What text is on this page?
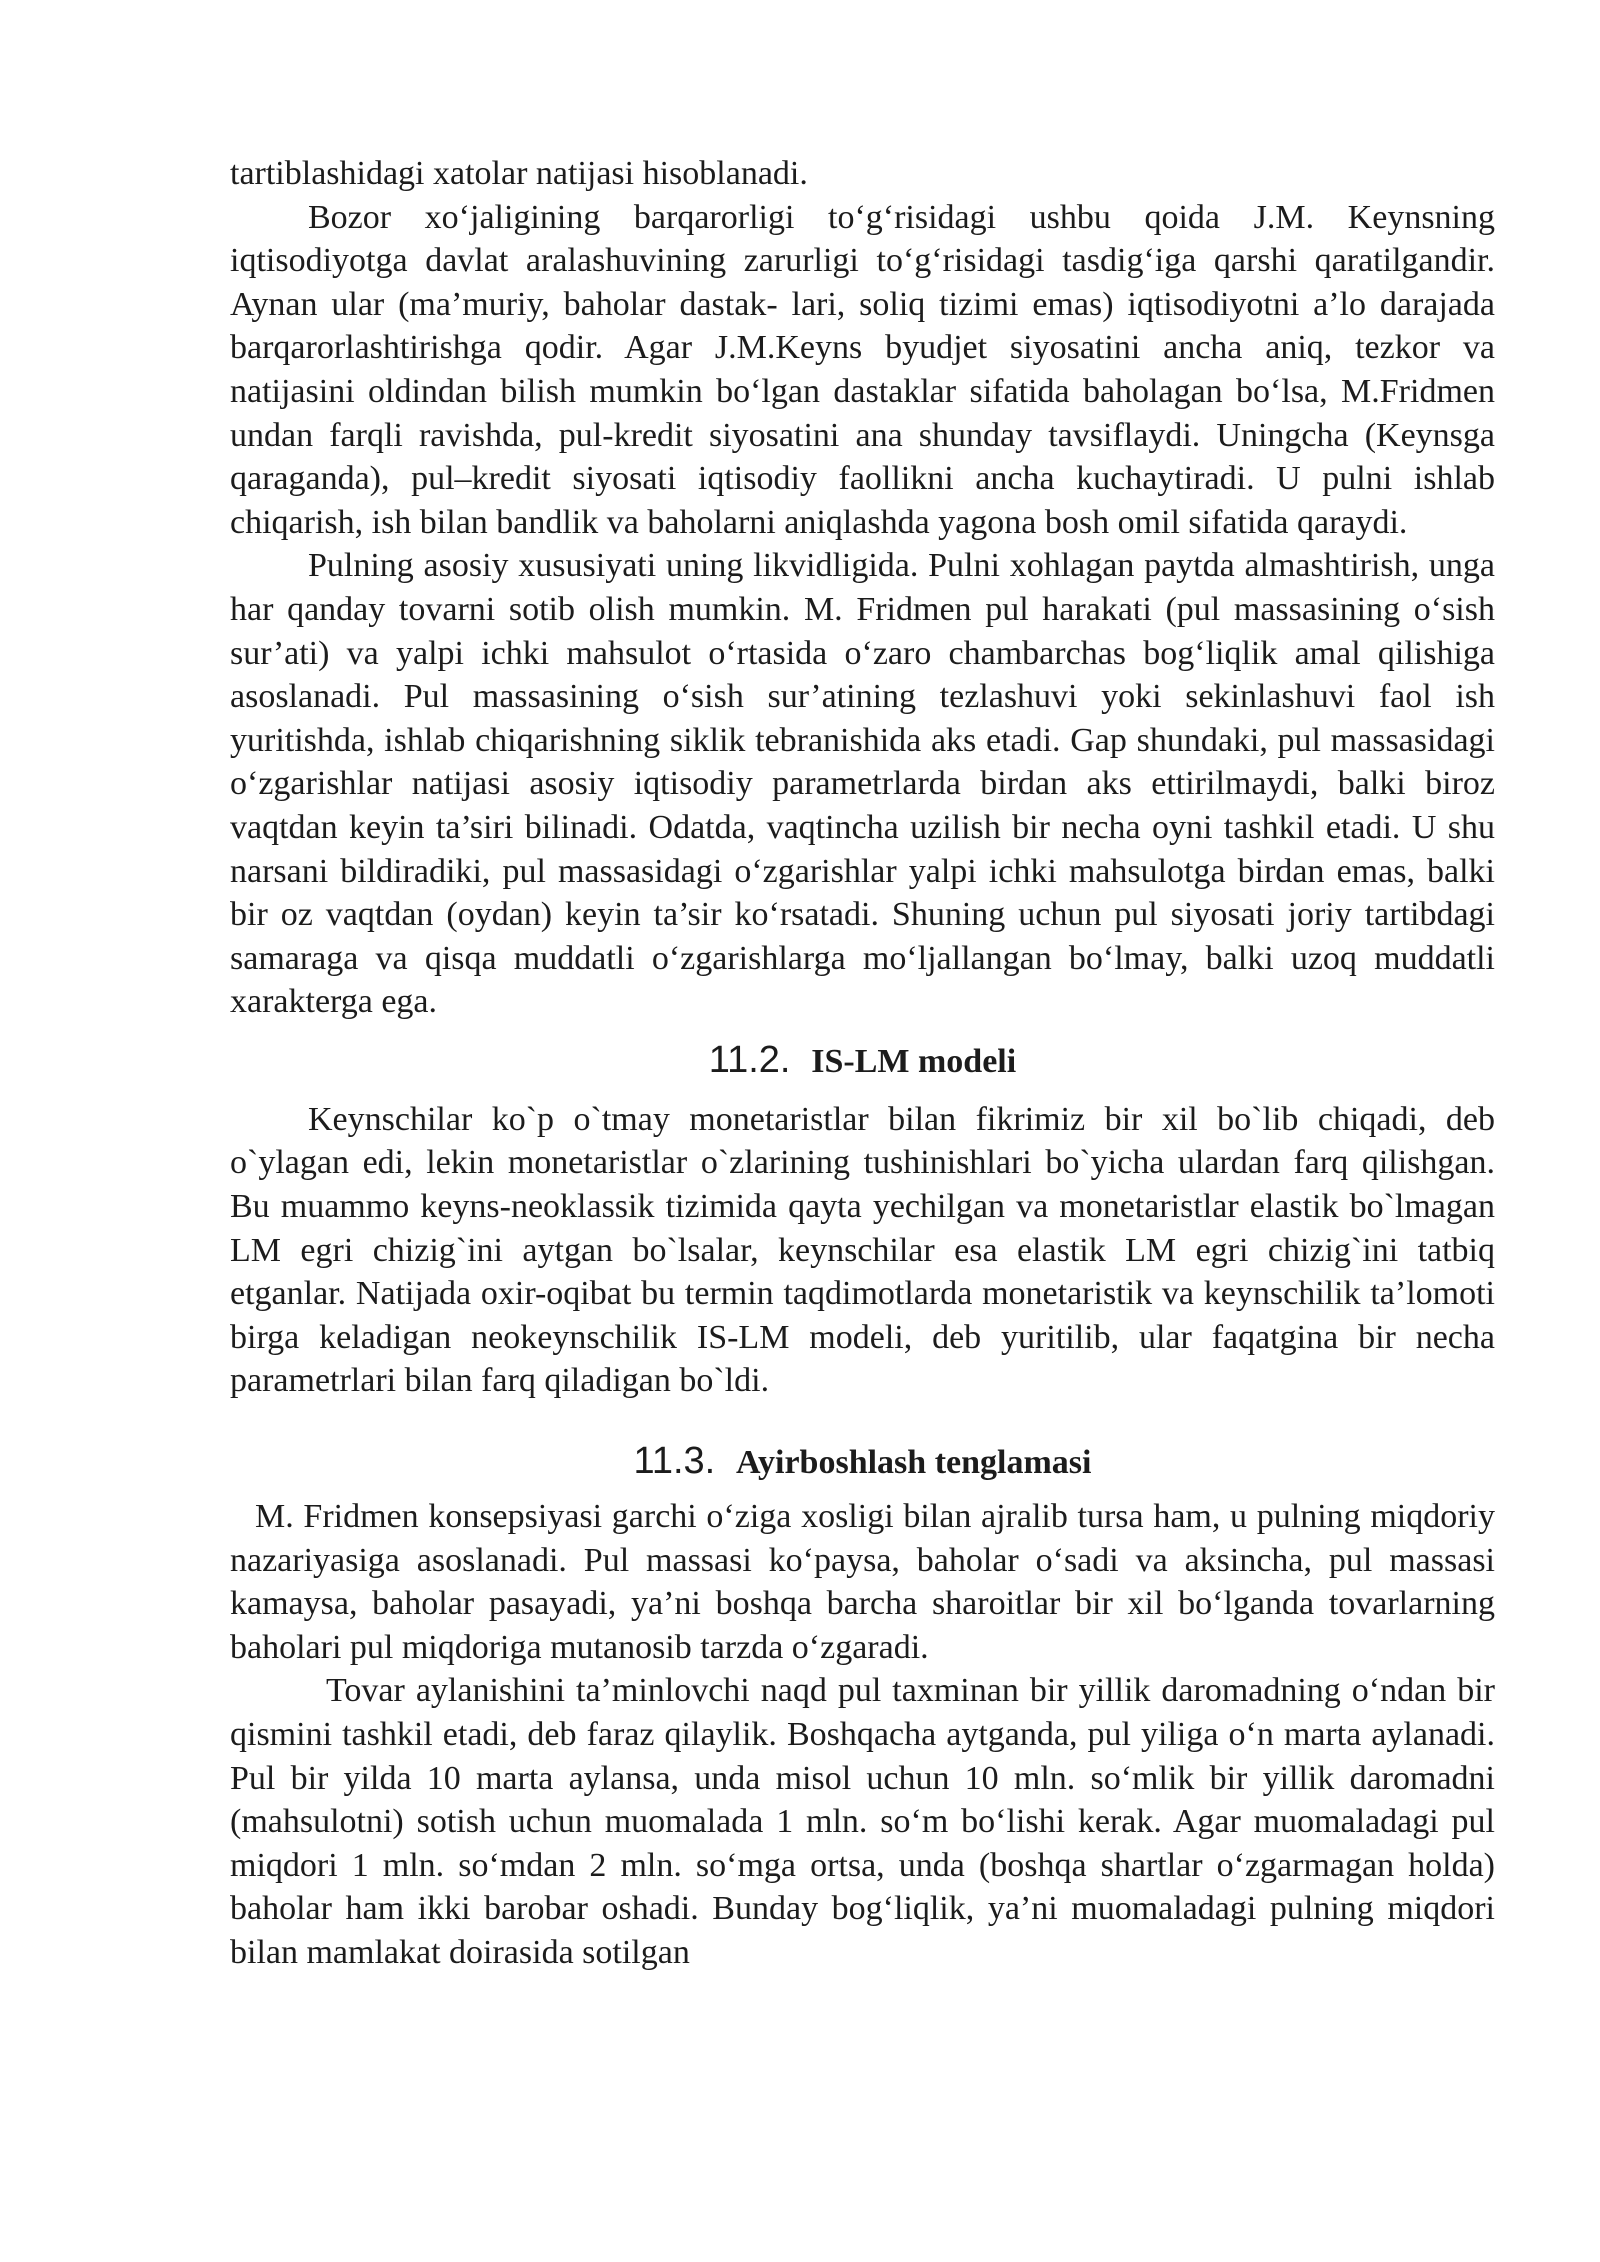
tartiblashidagi xatolar natijasi hisoblanadi.

Bozor xo‘jaligining barqarorligi to‘g‘risidagi ushbu qoida J.M. Keynsning iqtisodiyotga davlat aralashuvining zarurligi to‘g‘risidagi tasdig‘iga qarshi qaratilgandir. Aynan ular (ma’muriy, baholar dastak- lari, soliq tizimi emas) iqtisodiyotni a’lo darajada barqarorlashtirishga qodir. Agar J.M.Keyns byudjet siyosatini ancha aniq, tezkor va natijasini oldindan bilish mumkin bo‘lgan dastaklar sifatida baholagan bo‘lsa, M.Fridmen undan farqli ravishda, pul-kredit siyosatini ana shunday tavsiflaydi. Uningcha (Keynsga qaraganda), pul–kredit siyosati iqtisodiy faollikni ancha kuchaytiradi. U pulni ishlab chiqarish, ish bilan bandlik va baholarni aniqlashda yagona bosh omil sifatida qaraydi.

Pulning asosiy xususiyati uning likvidligida. Pulni xohlagan paytda almashtirish, unga har qanday tovarni sotib olish mumkin. M. Fridmen pul harakati (pul massasining o‘sish sur’ati) va yalpi ichki mahsulot o‘rtasida o‘zaro chambarchas bog‘liqlik amal qilishiga asoslanadi. Pul massasining o‘sish sur’atining tezlashuvi yoki sekinlashuvi faol ish yuritishda, ishlab chiqarishning siklik tebranishida aks etadi. Gap shundaki, pul massasidagi o‘zgarishlar natijasi asosiy iqtisodiy parametrlarda birdan aks ettirilmaydi, balki biroz vaqtdan keyin ta’siri bilinadi. Odatda, vaqtincha uzilish bir necha oyni tashkil etadi. U shu narsani bildiradiki, pul massasidagi o‘zgarishlar yalpi ichki mahsulotga birdan emas, balki bir oz vaqtdan (oydan) keyin ta’sir ko‘rsatadi. Shuning uchun pul siyosati joriy tartibdagi samaraga va qisqa muddatli o‘zgarishlarga mo‘ljallangan bo‘lmay, balki uzoq muddatli xarakterga ega.

11.2. IS-LM modeli

Keynschilar ko`p o`tmay monetaristlar bilan fikrimiz bir xil bo`lib chiqadi, deb o`ylagan edi, lekin monetaristlar o`zlarining tushinishlari bo`yicha ulardan farq qilishgan. Bu muammo keyns-neoklassik tizimida qayta yechilgan va monetaristlar elastik bo`lmagan LM egri chizig`ini aytgan bo`lsalar, keynschilar esa elastik LM egri chizig`ini tatbiq etganlar. Natijada oxir-oqibat bu termin taqdimotlarda monetaristik va keynschilik ta’lomoti birga keladigan neokeynschilik IS-LM modeli, deb yuritilib, ular faqatgina bir necha parametrlari bilan farq qiladigan bo`ldi.

11.3. Ayirboshlash tenglamasi

M. Fridmen konsepsiyasi garchi o‘ziga xosligi bilan ajralib tursa ham, u pulning miqdoriy nazariyasiga asoslanadi. Pul massasi ko‘paysa, baholar o‘sadi va aksincha, pul massasi kamaysa, baholar pasayadi, ya’ni boshqa barcha sharoitlar bir xil bo‘lganda tovarlarning baholari pul miqdoriga mutanosib tarzda o‘zgaradi.

Tovar aylanishini ta’minlovchi naqd pul taxminan bir yillik daromadning o‘ndan bir qismini tashkil etadi, deb faraz qilaylik. Boshqacha aytganda, pul yiliga o‘n marta aylanadi. Pul bir yilda 10 marta aylansa, unda misol uchun 10 mln. so‘mlik bir yillik daromadni (mahsulotni) sotish uchun muomalada 1 mln. so‘m bo‘lishi kerak. Agar muomaladagi pul miqdori 1 mln. so‘mdan 2 mln. so‘mga ortsa, unda (boshqa shartlar o‘zgarmagan holda) baholar ham ikki barobar oshadi. Bunday bog‘liqlik, ya’ni muomaladagi pulning miqdori bilan mamlakat doirasida sotilgan
